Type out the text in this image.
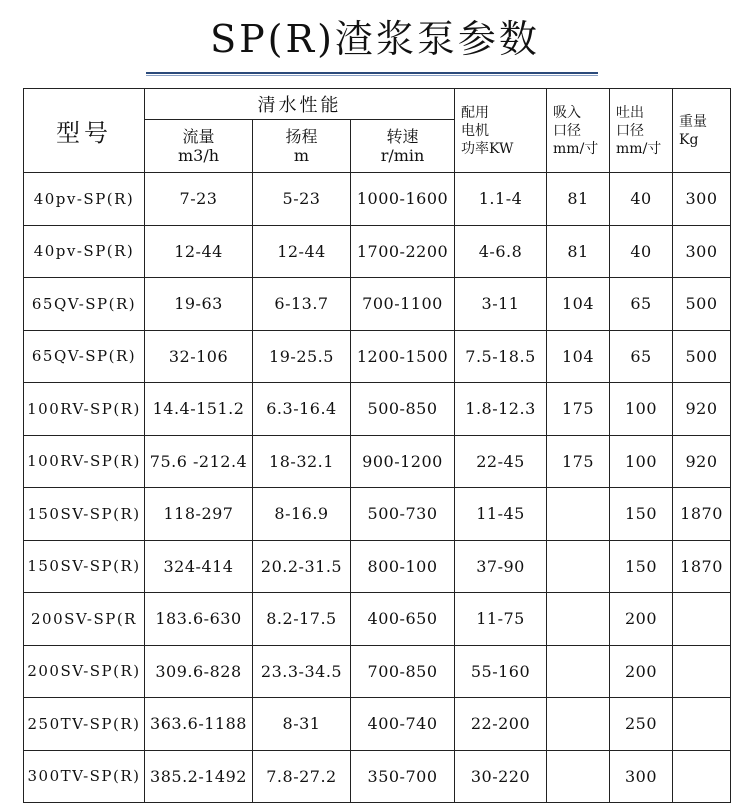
SP(R)渣浆泵参数
型号	清水性能			配用
电机
功率KW	吸入
口径
mm/寸	吐出
口径
mm/寸	重量
Kg

	流量
m3/h	扬程
m	转速
r/min				

40pv-SP(R)	7-23	5-23	1000-1600	1.1-4	81	40	300
40pv-SP(R)	12-44	12-44	1700-2200	4-6.8	81	40	300
65QV-SP(R)	19-63	6-13.7	700-1100	3-11	104	65	500
65QV-SP(R)	32-106	19-25.5	1200-1500	7.5-18.5	104	65	500
100RV-SP(R)	14.4-151.2	6.3-16.4	500-850	1.8-12.3	175	100	920
100RV-SP(R)	75.6 -212.4	18-32.1	900-1200	22-45	175	100	920
150SV-SP(R)	118-297	8-16.9	500-730	11-45		150	1870
150SV-SP(R)	324-414	20.2-31.5	800-100	37-90		150	1870
200SV-SP(R	183.6-630	8.2-17.5	400-650	11-75		200	
200SV-SP(R)	309.6-828	23.3-34.5	700-850	55-160		200	
250TV-SP(R)	363.6-1188	8-31	400-740	22-200		250	
300TV-SP(R)	385.2-1492	7.8-27.2	350-700	30-220		300	
